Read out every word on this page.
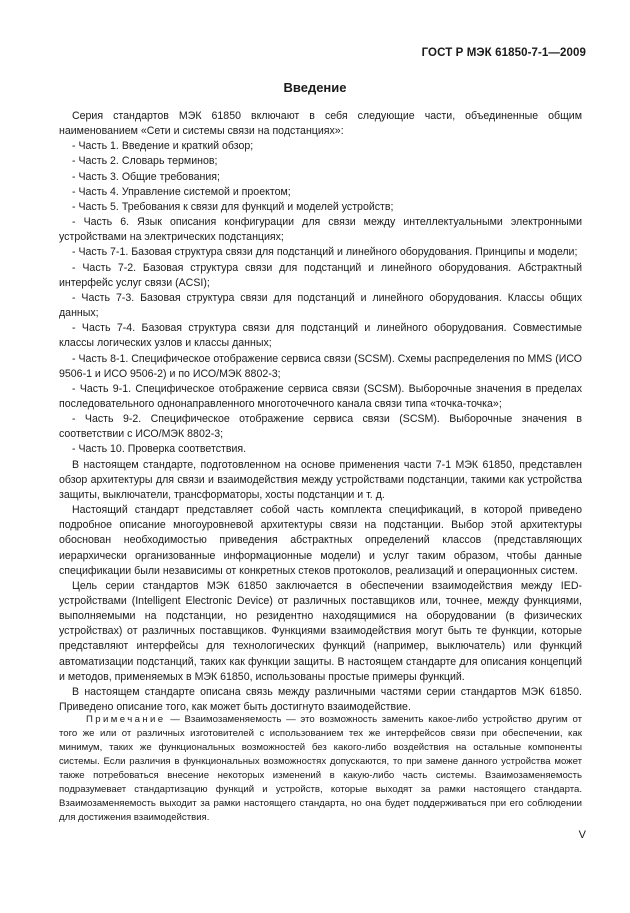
ГОСТ Р МЭК 61850-7-1—2009
Введение

Серия стандартов МЭК 61850 включают в себя следующие части, объединенные общим наименованием «Сети и системы связи на подстанциях»:

- Часть 1. Введение и краткий обзор;

- Часть 2. Словарь терминов;

- Часть 3. Общие требования;

- Часть 4. Управление системой и проектом;

- Часть 5. Требования к связи для функций и моделей устройств;

- Часть 6. Язык описания конфигурации для связи между интеллектуальными электронными устройствами на электрических подстанциях;

- Часть 7-1. Базовая структура связи для подстанций и линейного оборудования. Принципы и модели;

- Часть 7-2. Базовая структура связи для подстанций и линейного оборудования. Абстрактный интерфейс услуг связи (ACSI);

- Часть 7-3. Базовая структура связи для подстанций и линейного оборудования. Классы общих данных;

- Часть 7-4. Базовая структура связи для подстанций и линейного оборудования. Совместимые классы логических узлов и классы данных;

- Часть 8-1. Специфическое отображение сервиса связи (SCSM). Схемы распределения по MMS (ИСО 9506-1 и ИСО 9506-2) и по ИСО/МЭК 8802-3;

- Часть 9-1. Специфическое отображение сервиса связи (SCSM). Выборочные значения в пределах последовательного однонаправленного многоточечного канала связи типа «точка-точка»;

- Часть 9-2. Специфическое отображение сервиса связи (SCSM). Выборочные значения в соответствии с ИСО/МЭК 8802-3;

- Часть 10. Проверка соответствия.

В настоящем стандарте, подготовленном на основе применения части 7-1 МЭК 61850, представлен обзор архитектуры для связи и взаимодействия между устройствами подстанции, такими как устройства защиты, выключатели, трансформаторы, хосты подстанции и т. д.

Настоящий стандарт представляет собой часть комплекта спецификаций, в которой приведено подробное описание многоуровневой архитектуры связи на подстанции. Выбор этой архитектуры обоснован необходимостью приведения абстрактных определений классов (представляющих иерархически организованные информационные модели) и услуг таким образом, чтобы данные спецификации были независимы от конкретных стеков протоколов, реализаций и операционных систем.

Цель серии стандартов МЭК 61850 заключается в обеспечении взаимодействия между IED-устройствами (Intelligent Electronic Device) от различных поставщиков или, точнее, между функциями, выполняемыми на подстанции, но резидентно находящимися на оборудовании (в физических устройствах) от различных поставщиков. Функциями взаимодействия могут быть те функции, которые представляют интерфейсы для технологических функций (например, выключатель) или функций автоматизации подстанций, таких как функции защиты. В настоящем стандарте для описания концепций и методов, применяемых в МЭК 61850, использованы простые примеры функций.

В настоящем стандарте описана связь между различными частями серии стандартов МЭК 61850. Приведено описание того, как может быть достигнуто взаимодействие.

Примечание — Взаимозаменяемость — это возможность заменить какое-либо устройство другим от того же или от различных изготовителей с использованием тех же интерфейсов связи при обеспечении, как минимум, таких же функциональных возможностей без какого-либо воздействия на остальные компоненты системы. Если различия в функциональных возможностях допускаются, то при замене данного устройства может также потребоваться внесение некоторых изменений в какую-либо часть системы. Взаимозаменяемость подразумевает стандартизацию функций и устройств, которые выходят за рамки настоящего стандарта. Взаимозаменяемость выходит за рамки настоящего стандарта, но она будет поддерживаться при его соблюдении для достижения взаимодействия.

V
